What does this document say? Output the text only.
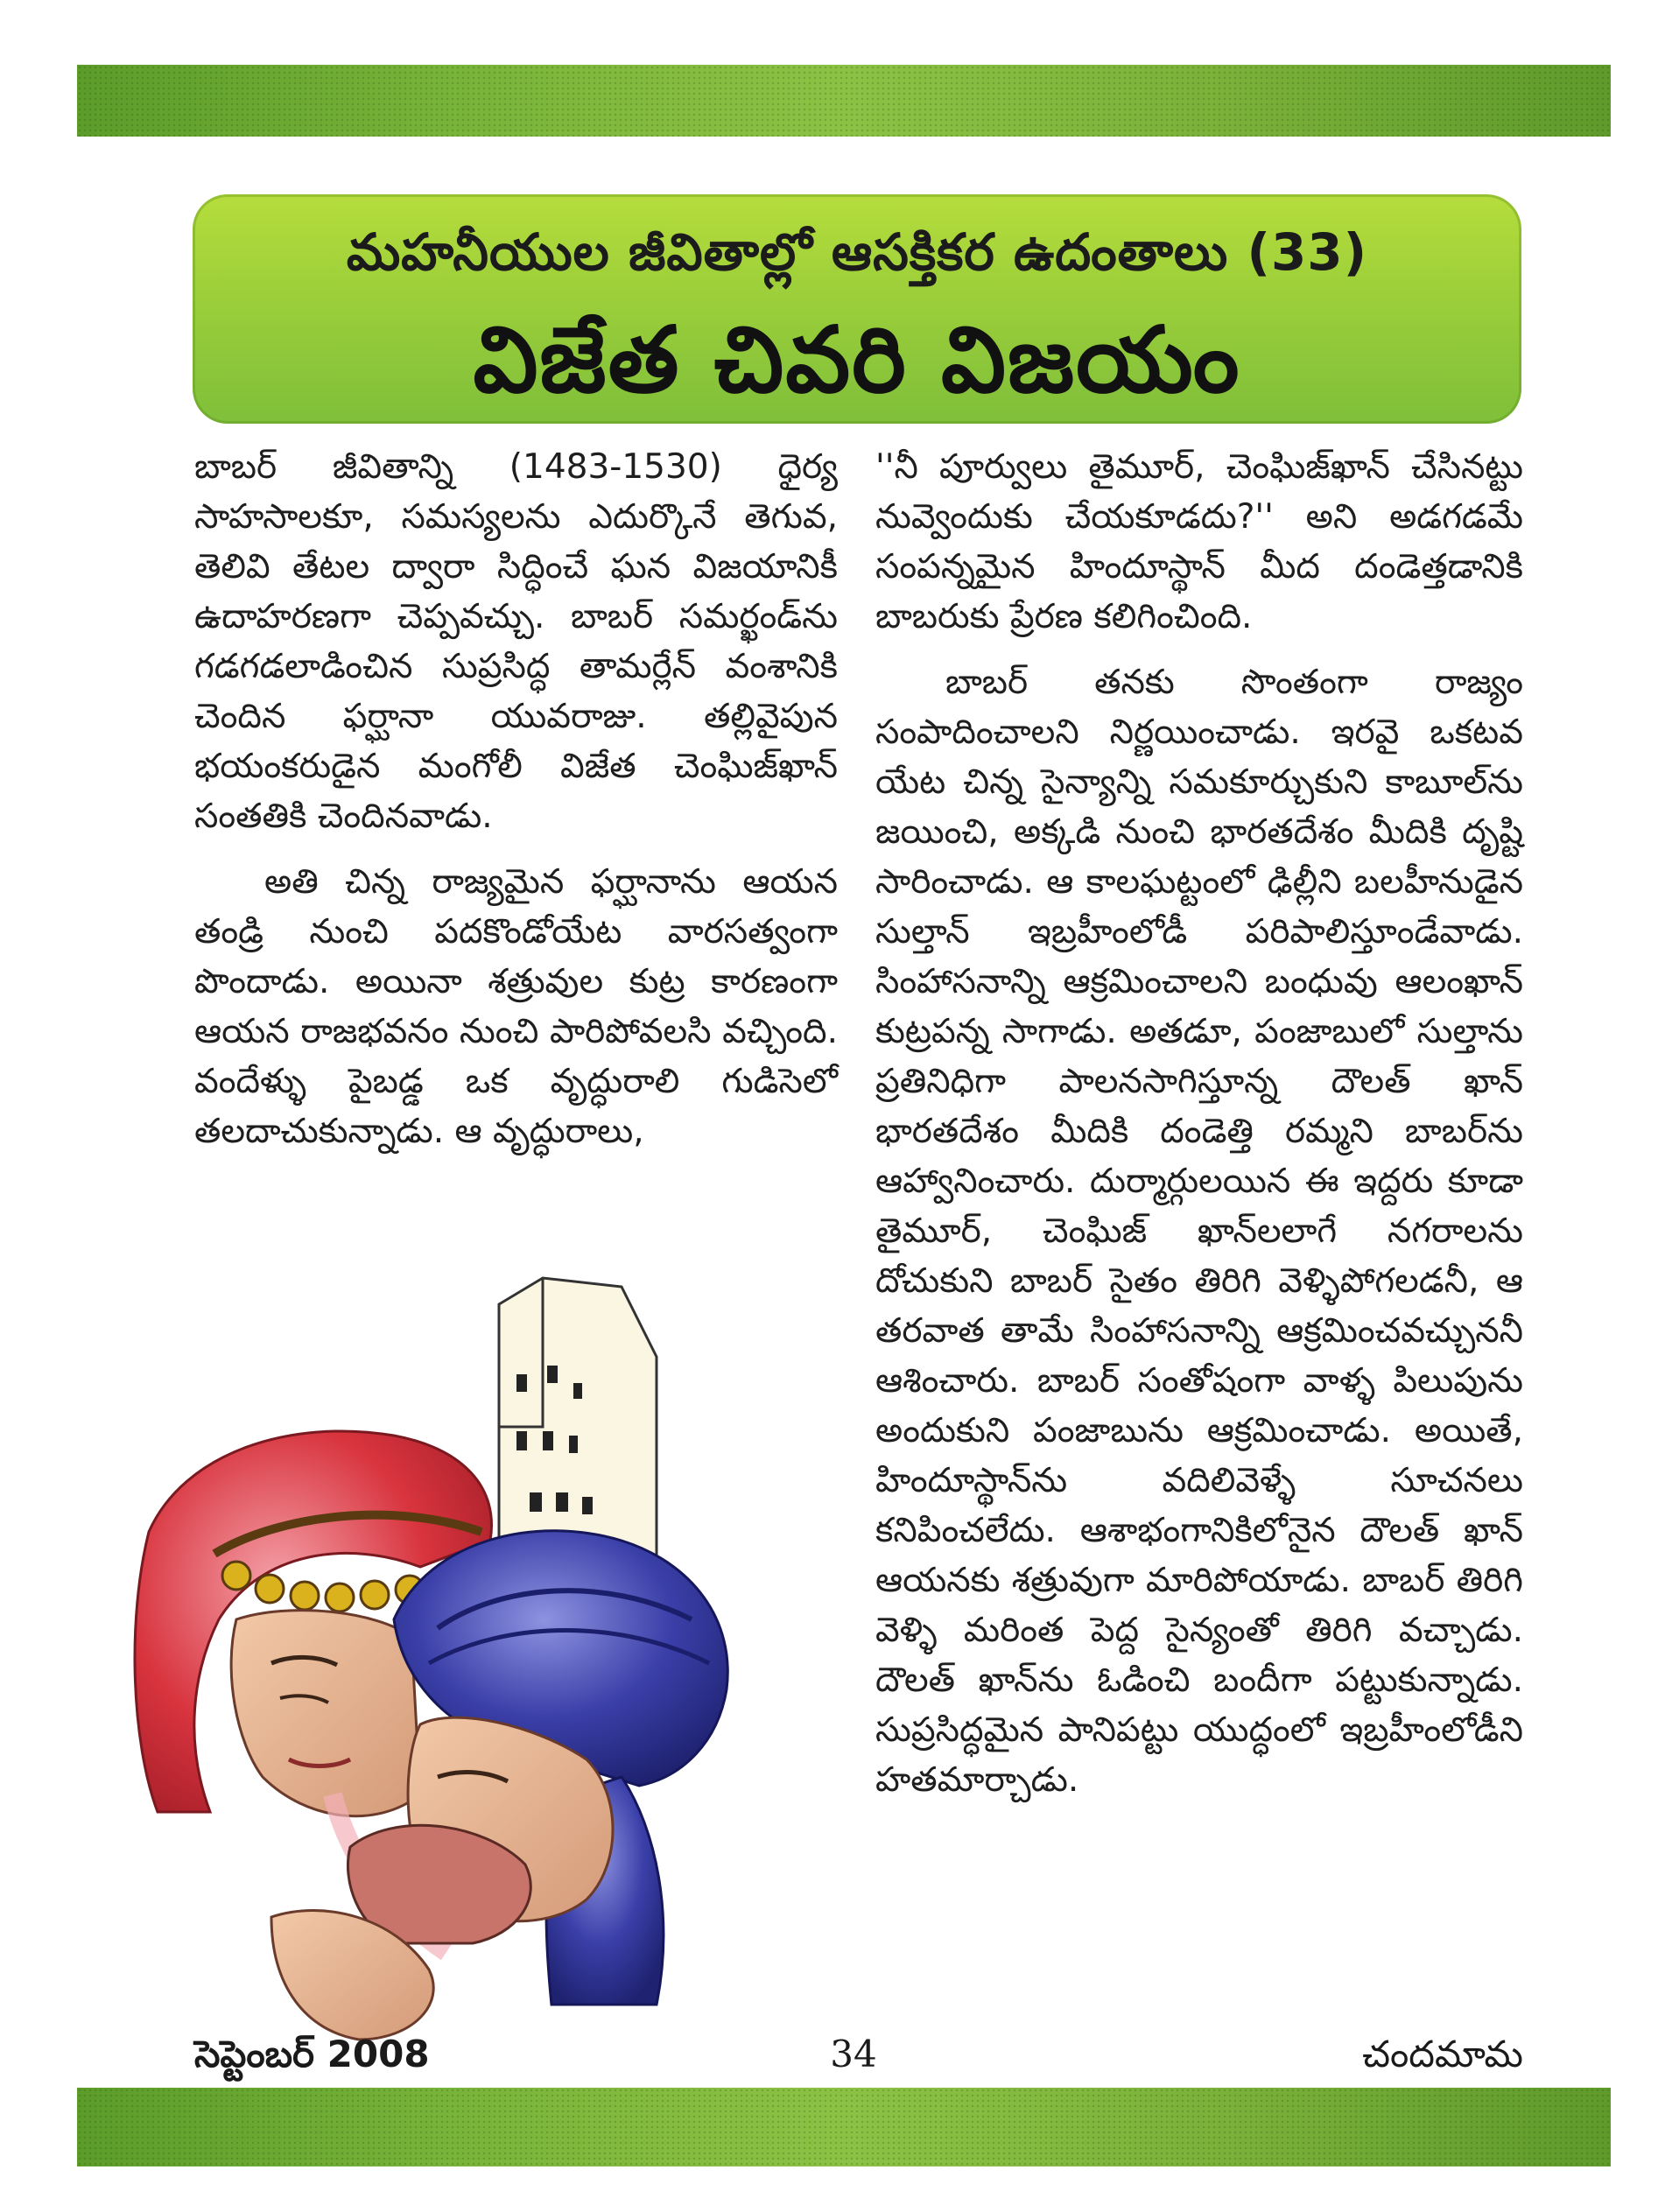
మహనీయుల జీవితాల్లో ఆసక్తికర ఉదంతాలు (33)
విజేత చివరి విజయం

బాబర్ జీవితాన్ని (1483-1530) ధైర్య సాహసాలకూ, సమస్యలను ఎదుర్కొనే తెగువ, తెలివి తేటల ద్వారా సిద్ధించే ఘన విజయానికీ ఉదాహరణగా చెప్పవచ్చు. బాబర్ సమర్ఖండ్‌ను గడగడలాడించిన సుప్రసిద్ధ తామర్లేన్ వంశానికి చెందిన ఫర్ఘానా యువరాజు. తల్లివైపున భయంకరుడైన మంగోలీ విజేత చెంఘిజ్‌ఖాన్ సంతతికి చెందినవాడు.

అతి చిన్న రాజ్యమైన ఫర్ఘానాను ఆయన తండ్రి నుంచి పదకొండోయేట వారసత్వంగా పొందాడు. అయినా శత్రువుల కుట్ర కారణంగా ఆయన రాజభవనం నుంచి పారిపోవలసి వచ్చింది. వందేళ్ళు పైబడ్డ ఒక వృద్ధురాలి గుడిసెలో తలదాచుకున్నాడు. ఆ వృద్ధురాలు,

''నీ పూర్వులు తైమూర్, చెంఘిజ్‌ఖాన్ చేసినట్టు నువ్వెందుకు చేయకూడదు?'' అని అడగడమే సంపన్నమైన హిందూస్థాన్ మీద దండెత్తడానికి బాబరుకు ప్రేరణ కలిగించింది.

బాబర్ తనకు సొంతంగా రాజ్యం సంపాదించాలని నిర్ణయించాడు. ఇరవై ఒకటవ యేట చిన్న సైన్యాన్ని సమకూర్చుకుని కాబూల్‌ను జయించి, అక్కడి నుంచి భారతదేశం మీదికి దృష్టి సారించాడు. ఆ కాలఘట్టంలో ఢిల్లీని బలహీనుడైన సుల్తాన్ ఇబ్రహీంలోడీ పరిపాలిస్తూండేవాడు. సింహాసనాన్ని ఆక్రమించాలని బంధువు ఆలంఖాన్ కుట్రపన్న సాగాడు. అతడూ, పంజాబులో సుల్తాను ప్రతినిధిగా పాలనసాగిస్తూన్న దౌలత్ ఖాన్ భారతదేశం మీదికి దండెత్తి రమ్మని బాబర్‌ను ఆహ్వానించారు. దుర్మార్గులయిన ఈ ఇద్దరు కూడా తైమూర్, చెంఘిజ్ ఖాన్‌లలాగే నగరాలను దోచుకుని బాబర్ సైతం తిరిగి వెళ్ళిపోగలడనీ, ఆ తరవాత తామే సింహాసనాన్ని ఆక్రమించవచ్చుననీ ఆశించారు. బాబర్ సంతోషంగా వాళ్ళ పిలుపును అందుకుని పంజాబును ఆక్రమించాడు. అయితే, హిందూస్థాన్‌ను వదిలివెళ్ళే సూచనలు కనిపించలేదు. ఆశాభంగానికిలోనైన దౌలత్ ఖాన్ ఆయనకు శత్రువుగా మారిపోయాడు. బాబర్ తిరిగి వెళ్ళి మరింత పెద్ద సైన్యంతో తిరిగి వచ్చాడు. దౌలత్ ఖాన్‌ను ఓడించి బందీగా పట్టుకున్నాడు. సుప్రసిద్ధమైన పానిపట్టు యుద్ధంలో ఇబ్రహీంలోడీని హతమార్చాడు.

సెప్టెంబర్ 2008	34	చందమామ
